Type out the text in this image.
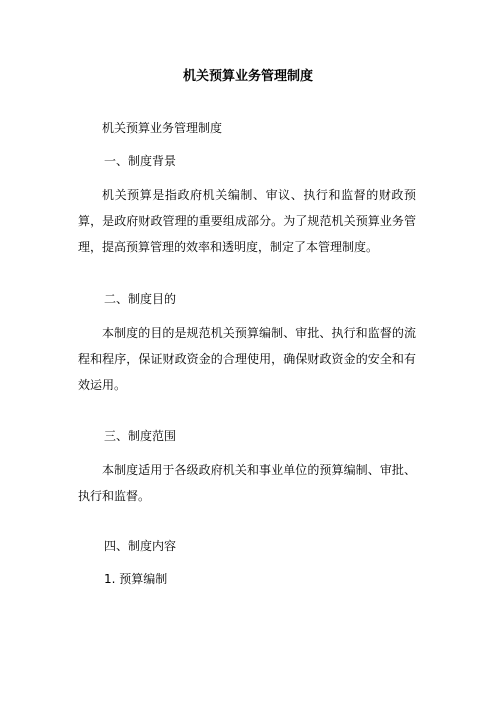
机关预算业务管理制度
机关预算业务管理制度
一、制度背景
机关预算是指政府机关编制、审议、执行和监督的财政预算，是政府财政管理的重要组成部分。为了规范机关预算业务管理，提高预算管理的效率和透明度，制定了本管理制度。
二、制度目的
本制度的目的是规范机关预算编制、审批、执行和监督的流程和程序，保证财政资金的合理使用，确保财政资金的安全和有效运用。
三、制度范围
本制度适用于各级政府机关和事业单位的预算编制、审批、执行和监督。
四、制度内容
1. 预算编制
